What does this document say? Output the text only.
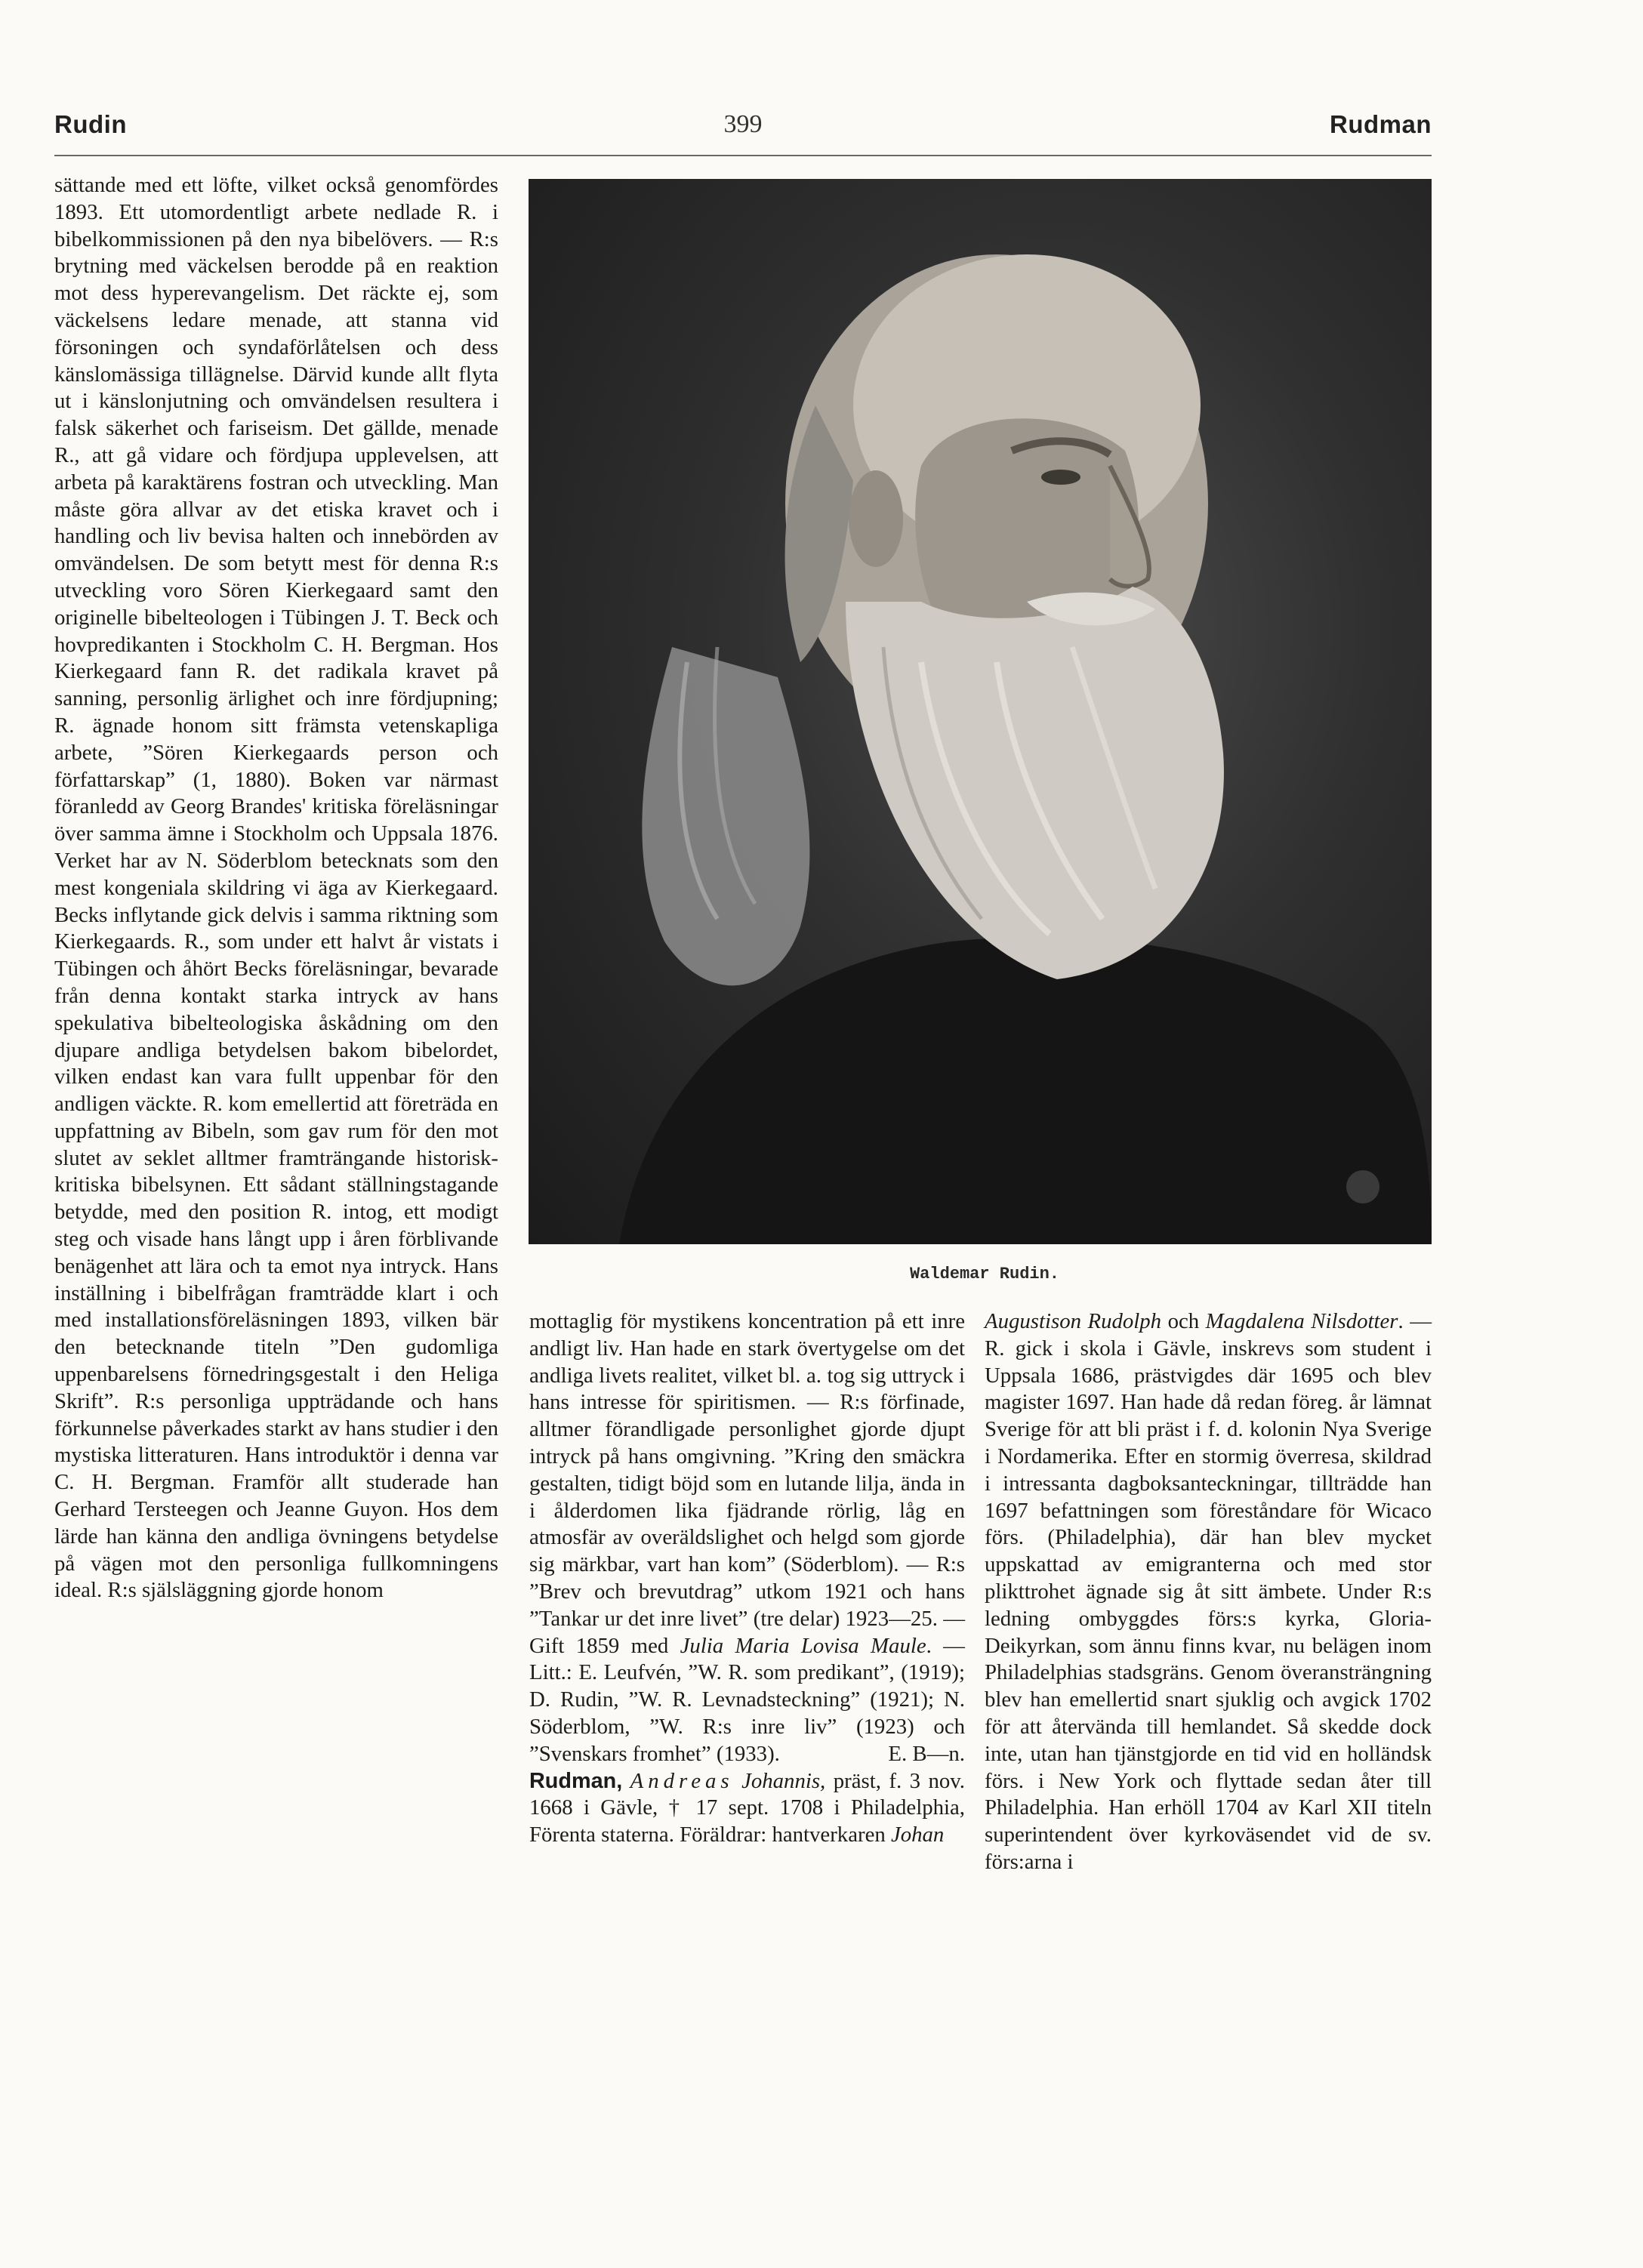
Rudin	399	Rudman

sättande med ett löfte, vilket också genomfördes 1893. Ett utomordentligt arbete nedlade R. i bibelkommissionen på den nya bibelövers. — R:s brytning med väckelsen berodde på en reaktion mot dess hyperevangelism. Det räckte ej, som väckelsens ledare menade, att stanna vid försoningen och syndaförlåtelsen och dess känslomässiga tillägnelse. Därvid kunde allt flyta ut i känslonjutning och omvändelsen resultera i falsk säkerhet och fariseism. Det gällde, menade R., att gå vidare och fördjupa upplevelsen, att arbeta på karaktärens fostran och utveckling. Man måste göra allvar av det etiska kravet och i handling och liv bevisa halten och innebörden av omvändelsen. De som betytt mest för denna R:s utveckling voro Sören Kierkegaard samt den originelle bibelteologen i Tübingen J. T. Beck och hovpredikanten i Stockholm C. H. Bergman. Hos Kierkegaard fann R. det radikala kravet på sanning, personlig ärlighet och inre fördjupning; R. ägnade honom sitt främsta vetenskapliga arbete, ”Sören Kierkegaards person och författarskap” (1, 1880). Boken var närmast föranledd av Georg Brandes' kritiska föreläsningar över samma ämne i Stockholm och Uppsala 1876. Verket har av N. Söderblom betecknats som den mest kongeniala skildring vi äga av Kierkegaard. Becks inflytande gick delvis i samma riktning som Kierkegaards. R., som under ett halvt år vistats i Tübingen och åhört Becks föreläsningar, bevarade från denna kontakt starka intryck av hans spekulativa bibelteologiska åskådning om den djupare andliga betydelsen bakom bibelordet, vilken endast kan vara fullt uppenbar för den andligen väckte. R. kom emellertid att företräda en uppfattning av Bibeln, som gav rum för den mot slutet av seklet alltmer framträngande historisk-kritiska bibelsynen. Ett sådant ställningstagande betydde, med den position R. intog, ett modigt steg och visade hans långt upp i åren förblivande benägenhet att lära och ta emot nya intryck. Hans inställning i bibelfrågan framträdde klart i och med installationsföreläsningen 1893, vilken bär den betecknande titeln ”Den gudomliga uppenbarelsens förnedringsgestalt i den Heliga Skrift”. R:s personliga uppträdande och hans förkunnelse påverkades starkt av hans studier i den mystiska litteraturen. Hans introduktör i denna var C. H. Bergman. Framför allt studerade han Gerhard Tersteegen och Jeanne Guyon. Hos dem lärde han känna den andliga övningens betydelse på vägen mot den personliga fullkomningens ideal. R:s själsläggning gjorde honom

Waldemar Rudin.

mottaglig för mystikens koncentration på ett inre andligt liv. Han hade en stark övertygelse om det andliga livets realitet, vilket bl. a. tog sig uttryck i hans intresse för spiritismen. — R:s förfinade, alltmer förandligade personlighet gjorde djupt intryck på hans omgivning. ”Kring den smäckra gestalten, tidigt böjd som en lutande lilja, ända in i ålderdomen lika fjädrande rörlig, låg en atmosfär av overäldslighet och helgd som gjorde sig märkbar, vart han kom” (Söderblom). — R:s ”Brev och brevutdrag” utkom 1921 och hans ”Tankar ur det inre livet” (tre delar) 1923—25. — Gift 1859 med Julia Maria Lovisa Maule. — Litt.: E. Leufvén, ”W. R. som predikant”, (1919); D. Rudin, ”W. R. Levnadsteckning” (1921); N. Söderblom, ”W. R:s inre liv” (1923) och ”Svenskars fromhet” (1933).	E. B—n.

Rudman, Andreas Johannis, präst, f. 3 nov. 1668 i Gävle, † 17 sept. 1708 i Philadelphia, Förenta staterna. Föräldrar: hantverkaren Johan

Augustison Rudolph och Magdalena Nilsdotter. — R. gick i skola i Gävle, inskrevs som student i Uppsala 1686, prästvigdes där 1695 och blev magister 1697. Han hade då redan föreg. år lämnat Sverige för att bli präst i f. d. kolonin Nya Sverige i Nordamerika. Efter en stormig överresa, skildrad i intressanta dagboksanteckningar, tillträdde han 1697 befattningen som föreståndare för Wicaco förs. (Philadelphia), där han blev mycket uppskattad av emigranterna och med stor plikttrohet ägnade sig åt sitt ämbete. Under R:s ledning ombyggdes förs:s kyrka, Gloria-Deikyrkan, som ännu finns kvar, nu belägen inom Philadelphias stadsgräns. Genom överansträngning blev han emellertid snart sjuklig och avgick 1702 för att återvända till hemlandet. Så skedde dock inte, utan han tjänstgjorde en tid vid en holländsk förs. i New York och flyttade sedan åter till Philadelphia. Han erhöll 1704 av Karl XII titeln superintendent över kyrkoväsendet vid de sv. förs:arna i
